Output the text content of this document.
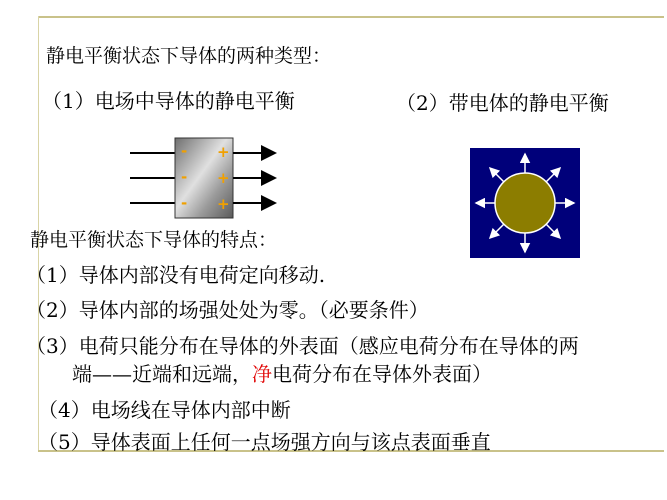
静电平衡状态下导体的两种类型：
（1）电场中导体的静电平衡	（2）带电体的静电平衡
-
-
-
+
+
+
静电平衡状态下导体的特点：
（1）导体内部没有电荷定向移动.
（2）导体内部的场强处处为零。（必要条件）
（3）电荷只能分布在导体的外表面（感应电荷分布在导体的两
端——近端和远端，净电荷分布在导体外表面）
（4）电场线在导体内部中断
（5）导体表面上任何一点场强方向与该点表面垂直
